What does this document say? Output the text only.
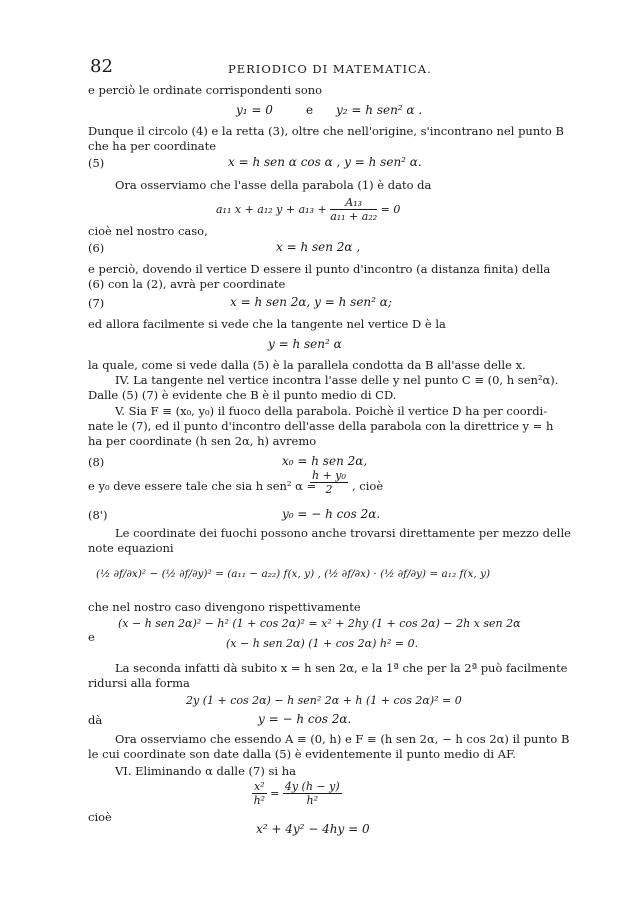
82	PERIODICO DI MATEMATICA.
e perciò le ordinate corrispondenti sono
y₁ = 0	e y₂ = h sen² α .
Dunque il circolo (4) e la retta (3), oltre che nell'origine, s'incontrano nel punto B
che ha per coordinate
(5)	x = h sen α cos α , y = h sen² α.
Ora osserviamo che l'asse della parabola (1) è dato da
a₁₁ x + a₁₂ $y + a_{13} + \frac{\text{A₁₃}}{\text{a₁₁ + a₂₂}} = 0$
cioè nel nostro caso,
(6)	x = h sen 2α ,
e perciò, dovendo il vertice D essere il punto d'incontro (a distanza finita) della
(6) con la (2), avrà per coordinate
(7)	x = h sen 2α, y = h sen² α;
ed allora facilmente si vede che la tangente nel vertice D è la
y = h sen² α
la quale, come si vede dalla (5) è la parallela condotta da B all'asse delle x.
IV. La tangente nel vertice incontra l'asse delle y nel punto C ≡ (0, h sen²α).
Dalle (5) (7) è evidente che B è il punto medio di CD.
V. Sia F ≡ (x₀, y₀) il fuoco della parabola. Poichè il vertice D ha per coordi-
nate le (7), ed il punto d'incontro dell'asse della parabola con la direttrice y = h
ha per coordinate (h sen 2α, h) avremo
(8)	x₀ = h sen 2α,
e y₀ deve essere tale che sia h sen² α =
$\frac{\text{h + y₀}}{2}$ , cioè
(8')	y₀ = − h cos 2α.
Le coordinate dei fuochi possono anche trovarsi direttamente per mezzo delle
note equazioni
(½ ∂f/∂x)² − (½ ∂f/∂y)² = (a₁₁ − a₂₂) f(x, y) , (½ ∂f/∂x) · (½ ∂f/∂y) = a₁₂ f(x, y)
che nel nostro caso divengono rispettivamente
(x − h sen 2α)² − h² (1 + cos 2α)² = x² + 2hy (1 + cos 2α) − 2h x sen 2α
e	(x − h sen 2α) (1 + cos 2α) h² = 0.
La seconda infatti dà subito x = h sen 2α, e la 1ª che per la 2ª può facilmente
ridursi alla forma
2y (1 + cos 2α) − h sen² 2α + h (1 + cos 2α)² = 0
dà	y = − h cos 2α.
Ora osserviamo che essendo A ≡ (0, h) e F ≡ (h sen 2α, − h cos 2α) il punto B
le cui coordinate son date dalla (5) è evidentemente il punto medio di AF.
VI. Eliminando α dalle (7) si ha
$\frac{\text{x²}}{\text{h²}} = \frac{4y (h - y)}{\text{h²}}$
cioè
x² + 4y² − 4hy = 0
